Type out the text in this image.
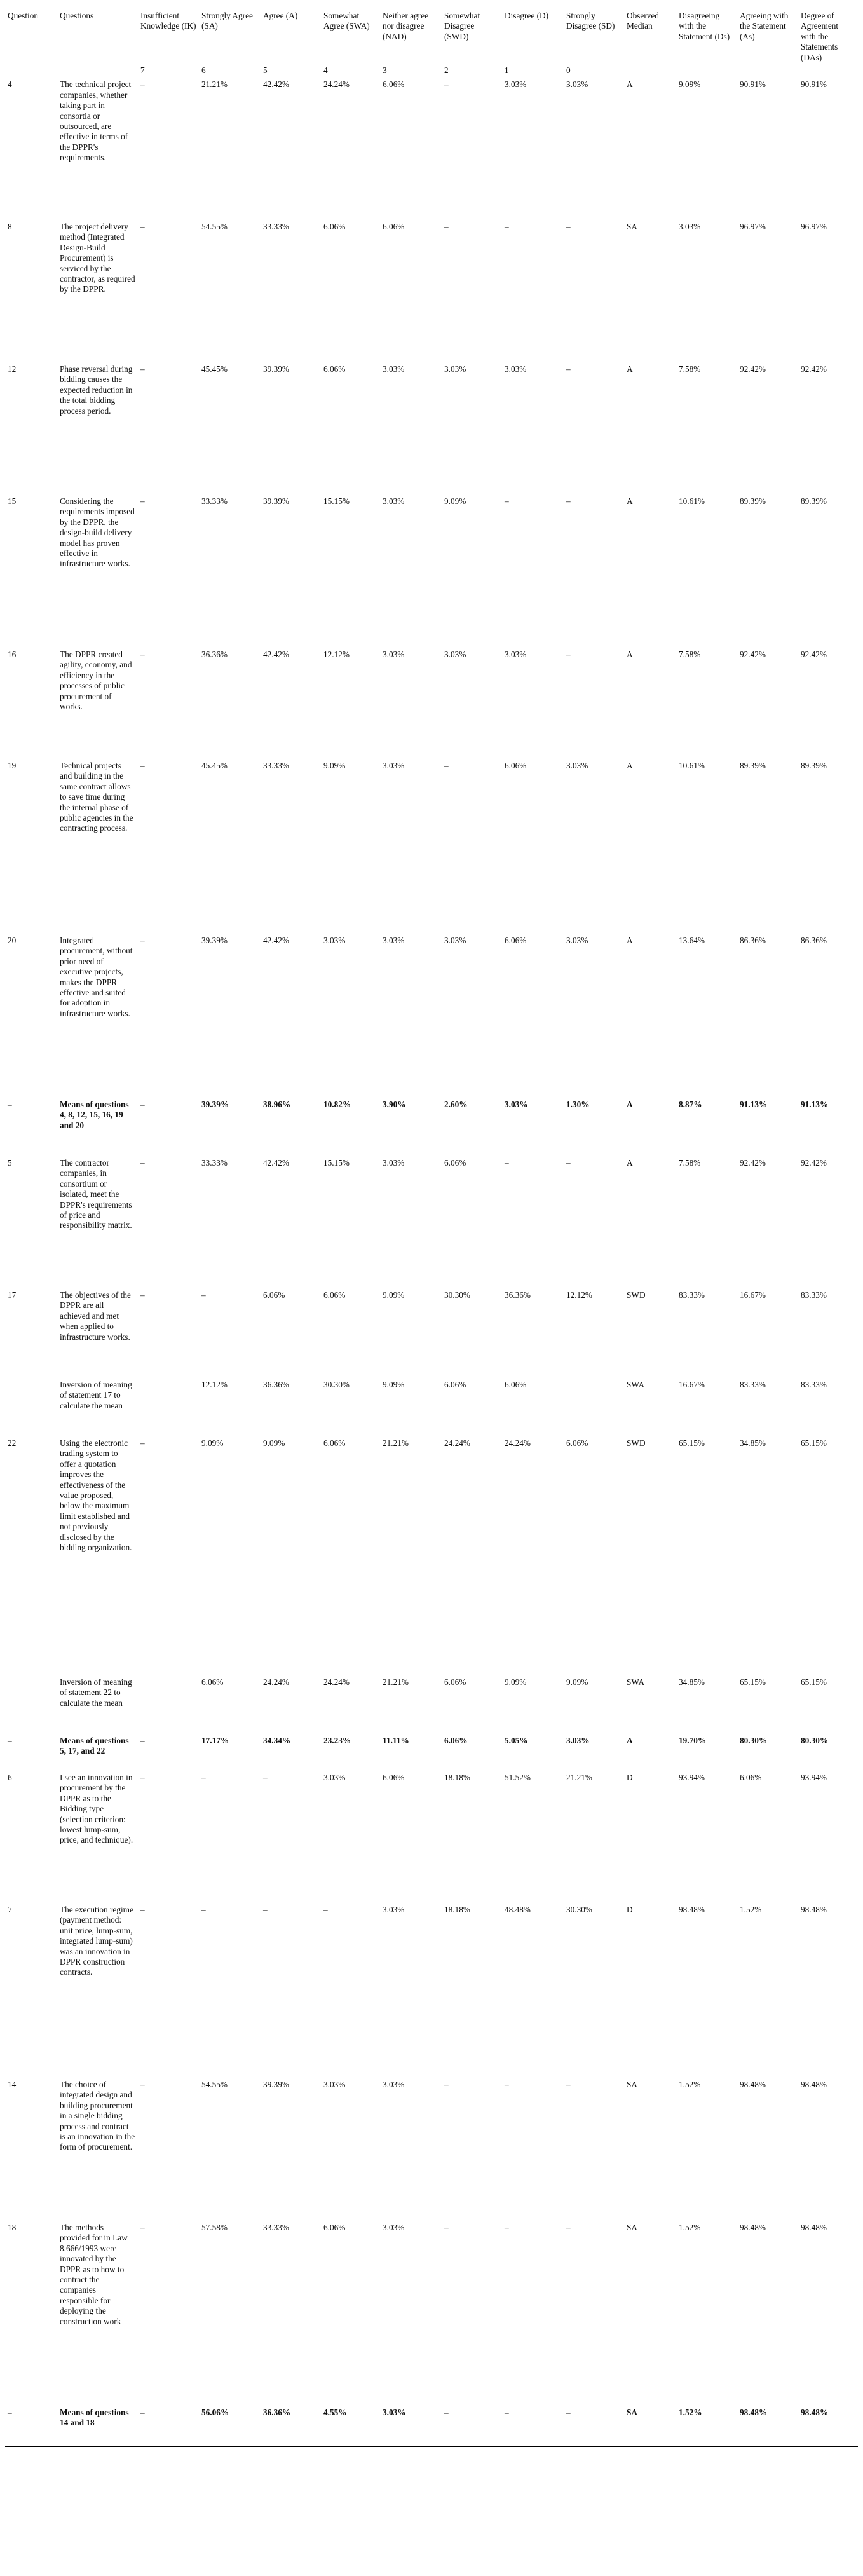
Question	Questions	Insufficient Knowledge (IK)	Strongly Agree (SA)	Agree (A)	Somewhat Agree (SWA)	Neither agree nor disagree (NAD)	Somewhat Disagree (SWD)	Disagree (D)	Strongly Disagree (SD)	Observed Median	Disagreeing with the Statement (Ds)	Agreeing with the Statement (As)	Degree of Agreement with the Statements (DAs)
		7	6	5	4	3	2	1	0				
4	The technical project companies, whether taking part in consortia or outsourced, are effective in terms of the DPPR's requirements.	–	21.21%	42.42%	24.24%	6.06%	–	3.03%	3.03%	A	9.09%	90.91%	90.91%
8	The project delivery method (Integrated Design-Build Procurement) is serviced by the contractor, as required by the DPPR.	–	54.55%	33.33%	6.06%	6.06%	–	–	–	SA	3.03%	96.97%	96.97%
12	Phase reversal during bidding causes the expected reduction in the total bidding process period.	–	45.45%	39.39%	6.06%	3.03%	3.03%	3.03%	–	A	7.58%	92.42%	92.42%
15	Considering the requirements imposed by the DPPR, the design-build delivery model has proven effective in infrastructure works.	–	33.33%	39.39%	15.15%	3.03%	9.09%	–	–	A	10.61%	89.39%	89.39%
16	The DPPR created agility, economy, and efficiency in the processes of public procurement of works.	–	36.36%	42.42%	12.12%	3.03%	3.03%	3.03%	–	A	7.58%	92.42%	92.42%
19	Technical projects and building in the same contract allows to save time during the internal phase of public agencies in the contracting process.	–	45.45%	33.33%	9.09%	3.03%	–	6.06%	3.03%	A	10.61%	89.39%	89.39%
20	Integrated procurement, without prior need of executive projects, makes the DPPR effective and suited for adoption in infrastructure works.	–	39.39%	42.42%	3.03%	3.03%	3.03%	6.06%	3.03%	A	13.64%	86.36%	86.36%
–	Means of questions 4, 8, 12, 15, 16, 19 and 20	–	39.39%	38.96%	10.82%	3.90%	2.60%	3.03%	1.30%	A	8.87%	91.13%	91.13%
5	The contractor companies, in consortium or isolated, meet the DPPR's requirements of price and responsibility matrix.	–	33.33%	42.42%	15.15%	3.03%	6.06%	–	–	A	7.58%	92.42%	92.42%
17	The objectives of the DPPR are all achieved and met when applied to infrastructure works.	–	–	6.06%	6.06%	9.09%	30.30%	36.36%	12.12%	SWD	83.33%	16.67%	83.33%
	Inversion of meaning of statement 17 to calculate the mean		12.12%	36.36%	30.30%	9.09%	6.06%	6.06%		SWA	16.67%	83.33%	83.33%
22	Using the electronic trading system to offer a quotation improves the effectiveness of the value proposed, below the maximum limit established and not previously disclosed by the bidding organization.	–	9.09%	9.09%	6.06%	21.21%	24.24%	24.24%	6.06%	SWD	65.15%	34.85%	65.15%
	Inversion of meaning of statement 22 to calculate the mean		6.06%	24.24%	24.24%	21.21%	6.06%	9.09%	9.09%	SWA	34.85%	65.15%	65.15%
–	Means of questions 5, 17, and 22	–	17.17%	34.34%	23.23%	11.11%	6.06%	5.05%	3.03%	A	19.70%	80.30%	80.30%
6	I see an innovation in procurement by the DPPR as to the Bidding type (selection criterion: lowest lump-sum, price, and technique).	–	–	–	3.03%	6.06%	18.18%	51.52%	21.21%	D	93.94%	6.06%	93.94%
7	The execution regime (payment method: unit price, lump-sum, integrated lump-sum) was an innovation in DPPR construction contracts.	–	–	–	–	3.03%	18.18%	48.48%	30.30%	D	98.48%	1.52%	98.48%
14	The choice of integrated design and building procurement in a single bidding process and contract is an innovation in the form of procurement.	–	54.55%	39.39%	3.03%	3.03%	–	–	–	SA	1.52%	98.48%	98.48%
18	The methods provided for in Law 8.666/1993 were innovated by the DPPR as to how to contract the companies responsible for deploying the construction work	–	57.58%	33.33%	6.06%	3.03%	–	–	–	SA	1.52%	98.48%	98.48%
–	Means of questions 14 and 18	–	56.06%	36.36%	4.55%	3.03%	–	–	–	SA	1.52%	98.48%	98.48%
